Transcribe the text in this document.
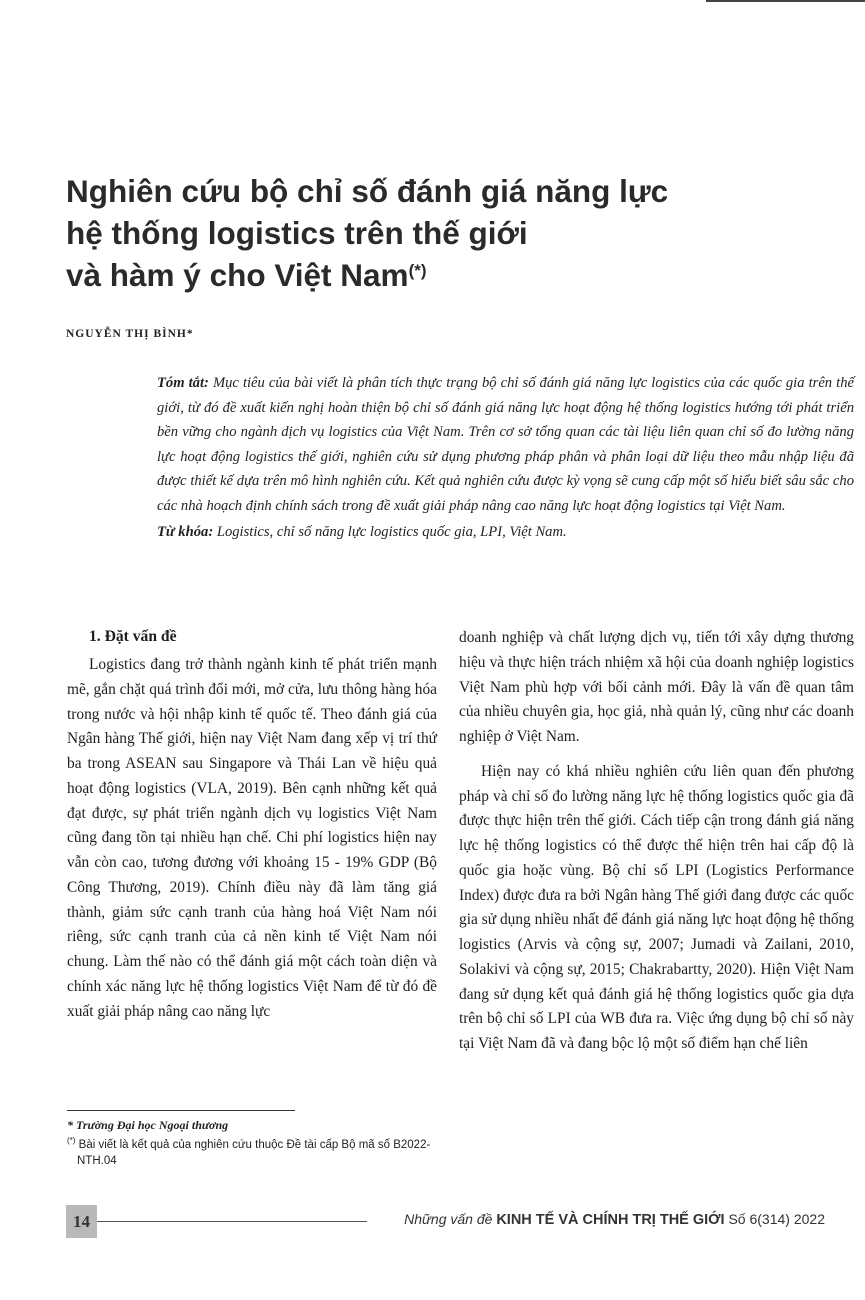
Nghiên cứu bộ chỉ số đánh giá năng lực
hệ thống logistics trên thế giới
và hàm ý cho Việt Nam(*)
NGUYỄN THỊ BÌNH*

Tóm tắt: Mục tiêu của bài viết là phân tích thực trạng bộ chỉ số đánh giá năng lực logistics của các quốc gia trên thế giới, từ đó đề xuất kiến nghị hoàn thiện bộ chỉ số đánh giá năng lực hoạt động hệ thống logistics hướng tới phát triển bền vững cho ngành dịch vụ logistics của Việt Nam. Trên cơ sở tổng quan các tài liệu liên quan chỉ số đo lường năng lực hoạt động logistics thế giới, nghiên cứu sử dụng phương pháp phân và phân loại dữ liệu theo mẫu nhập liệu đã được thiết kế dựa trên mô hình nghiên cứu. Kết quả nghiên cứu được kỳ vọng sẽ cung cấp một số hiểu biết sâu sắc cho các nhà hoạch định chính sách trong đề xuất giải pháp nâng cao năng lực hoạt động logistics tại Việt Nam.

Từ khóa: Logistics, chỉ số năng lực logistics quốc gia, LPI, Việt Nam.

1. Đặt vấn đề

Logistics đang trở thành ngành kinh tế phát triển mạnh mẽ, gắn chặt quá trình đổi mới, mở cửa, lưu thông hàng hóa trong nước và hội nhập kinh tế quốc tế. Theo đánh giá của Ngân hàng Thế giới, hiện nay Việt Nam đang xếp vị trí thứ ba trong ASEAN sau Singapore và Thái Lan về hiệu quả hoạt động logistics (VLA, 2019). Bên cạnh những kết quả đạt được, sự phát triển ngành dịch vụ logistics Việt Nam cũng đang tồn tại nhiều hạn chế. Chi phí logistics hiện nay vẫn còn cao, tương đương với khoảng 15 - 19% GDP (Bộ Công Thương, 2019). Chính điều này đã làm tăng giá thành, giảm sức cạnh tranh của hàng hoá Việt Nam nói riêng, sức cạnh tranh của cả nền kinh tế Việt Nam nói chung. Làm thế nào có thể đánh giá một cách toàn diện và chính xác năng lực hệ thống logistics Việt Nam để từ đó đề xuất giải pháp nâng cao năng lực

doanh nghiệp và chất lượng dịch vụ, tiến tới xây dựng thương hiệu và thực hiện trách nhiệm xã hội của doanh nghiệp logistics Việt Nam phù hợp với bối cảnh mới. Đây là vấn đề quan tâm của nhiều chuyên gia, học giả, nhà quản lý, cũng như các doanh nghiệp ở Việt Nam.

Hiện nay có khá nhiều nghiên cứu liên quan đến phương pháp và chỉ số đo lường năng lực hệ thống logistics quốc gia đã được thực hiện trên thế giới. Cách tiếp cận trong đánh giá năng lực hệ thống logistics có thể được thể hiện trên hai cấp độ là quốc gia hoặc vùng. Bộ chỉ số LPI (Logistics Performance Index) được đưa ra bởi Ngân hàng Thế giới đang được các quốc gia sử dụng nhiều nhất để đánh giá năng lực hoạt động hệ thống logistics (Arvis và cộng sự, 2007; Jumadi và Zailani, 2010, Solakivi và cộng sự, 2015; Chakrabartty, 2020). Hiện Việt Nam đang sử dụng kết quả đánh giá hệ thống logistics quốc gia dựa trên bộ chỉ số LPI của WB đưa ra. Việc ứng dụng bộ chỉ số này tại Việt Nam đã và đang bộc lộ một số điểm hạn chế liên

* Trường Đại học Ngoại thương
(*) Bài viết là kết quả của nghiên cứu thuộc Đề tài cấp Bộ mã số B2022-NTH.04
14	Những vấn đề KINH TẾ VÀ CHÍNH TRỊ THẾ GIỚI Số 6(314) 2022
